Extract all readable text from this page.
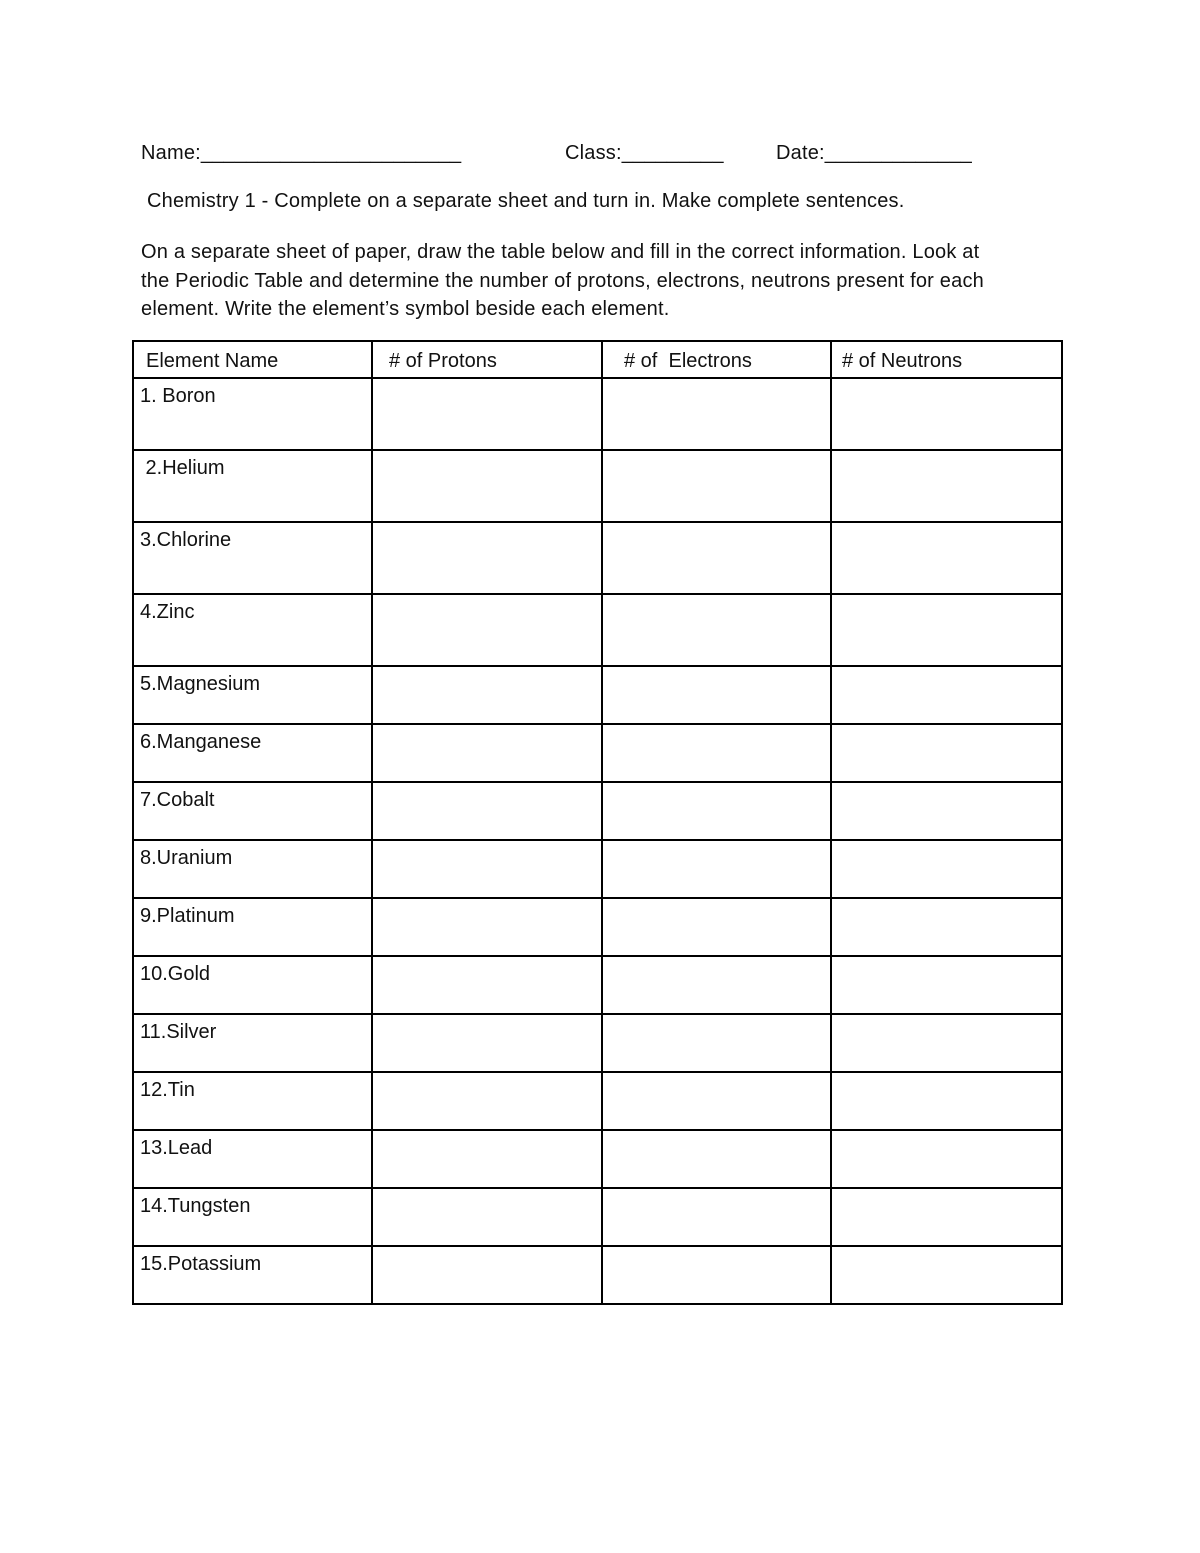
Name:_______________________	Class:_________	Date:_____________
Chemistry 1 - Complete on a separate sheet and turn in. Make complete sentences.
On a separate sheet of paper, draw the table below and fill in the correct information. Look at
the Periodic Table and determine the number of protons, electrons, neutrons present for each
element. Write the element’s symbol beside each element.
Element Name	# of Protons	# of  Electrons	# of Neutrons
1. Boron			
2.Helium			
3.Chlorine			
4.Zinc			
5.Magnesium			
6.Manganese			
7.Cobalt			
8.Uranium			
9.Platinum			
10.Gold			
11.Silver			
12.Tin			
13.Lead			
14.Tungsten			
15.Potassium			
